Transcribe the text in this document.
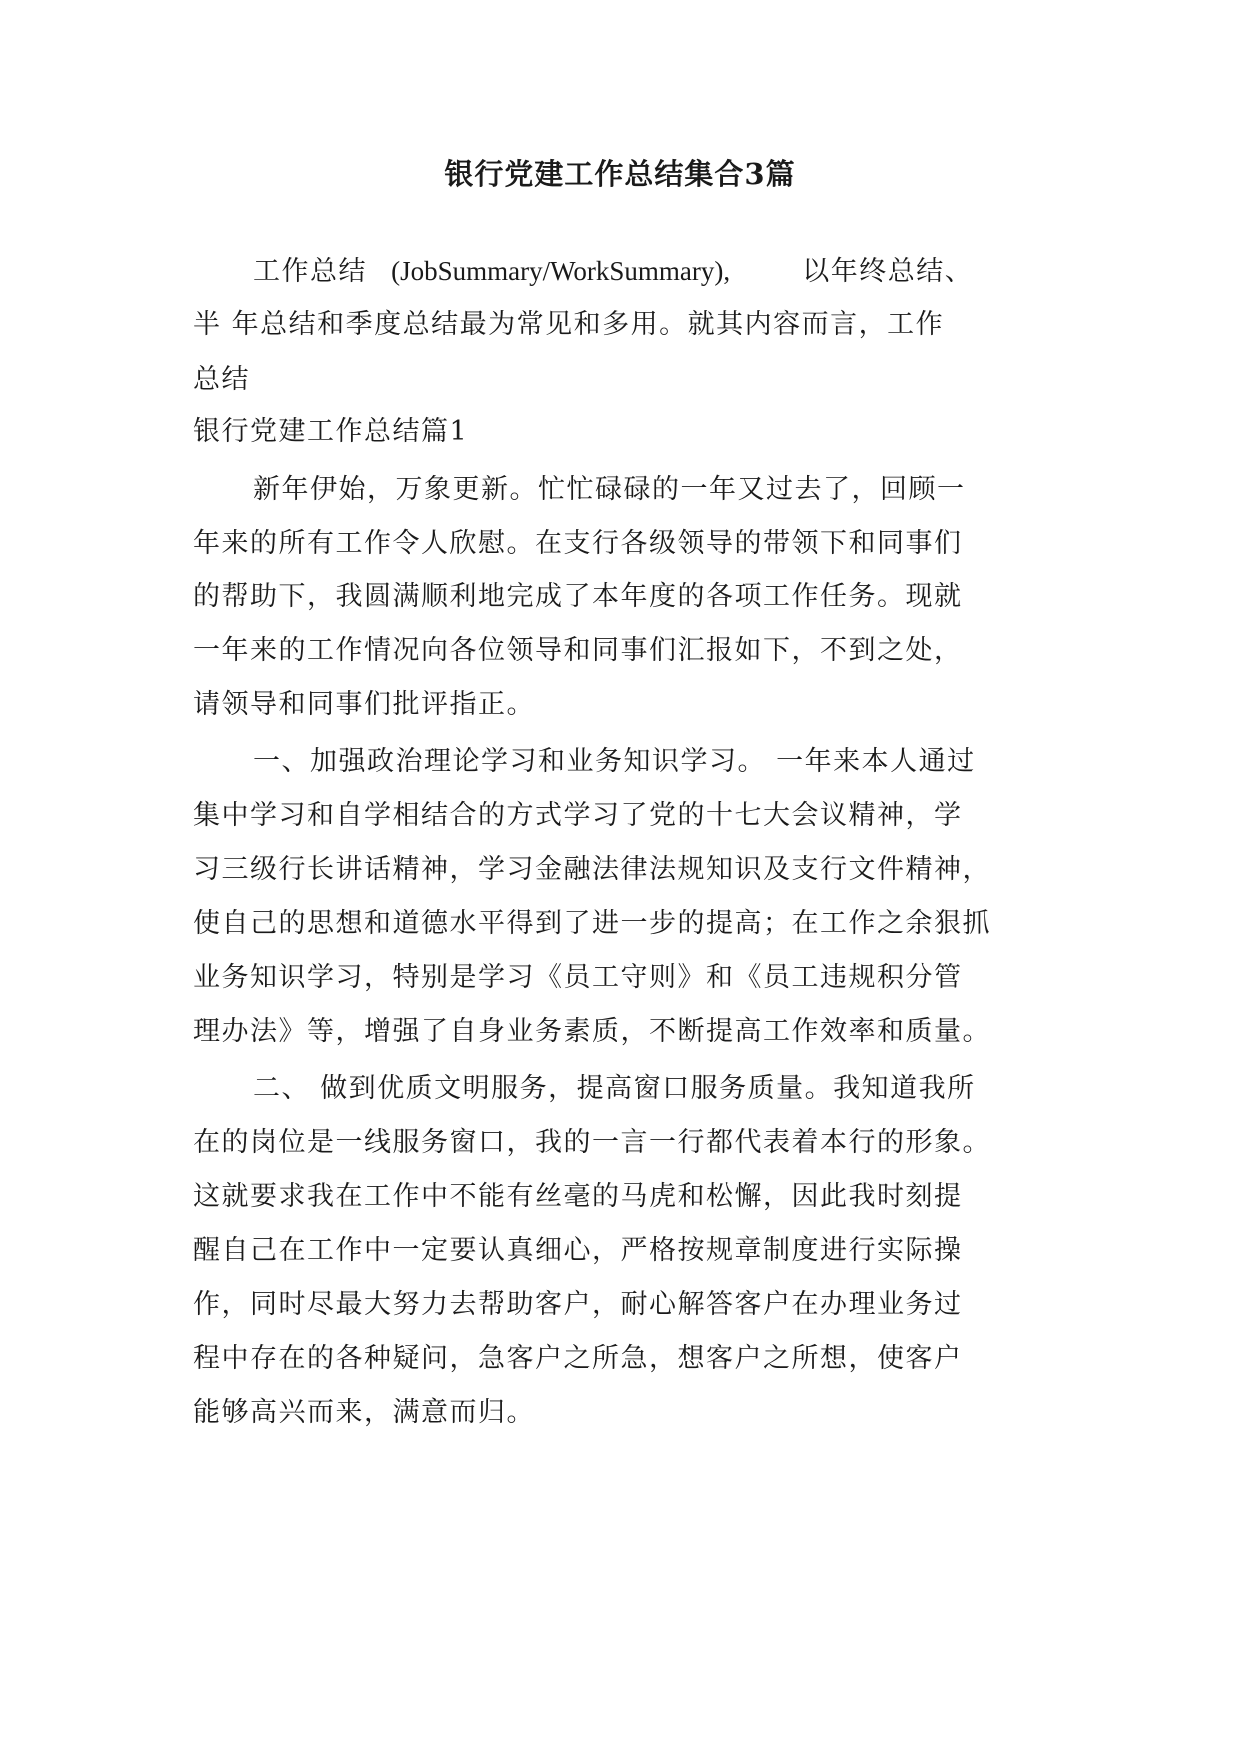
银行党建工作总结集合3篇
工作总结 (JobSummary/WorkSummary),	以年终总结、
半 年总结和季度总结最为常见和多用。就其内容而言，工作
总结
银行党建工作总结篇1
新年伊始，万象更新。忙忙碌碌的一年又过去了，回顾一
年来的所有工作令人欣慰。在支行各级领导的带领下和同事们
的帮助下，我圆满顺利地完成了本年度的各项工作任务。现就
一年来的工作情况向各位领导和同事们汇报如下，不到之处，
请领导和同事们批评指正。
一、加强政治理论学习和业务知识学习。 一年来本人通过
集中学习和自学相结合的方式学习了党的十七大会议精神，学
习三级行长讲话精神，学习金融法律法规知识及支行文件精神，
使自己的思想和道德水平得到了进一步的提高；在工作之余狠抓
业务知识学习，特别是学习《员工守则》和《员工违规积分管
理办法》等，增强了自身业务素质，不断提高工作效率和质量。
二、 做到优质文明服务，提高窗口服务质量。我知道我所
在的岗位是一线服务窗口，我的一言一行都代表着本行的形象。
这就要求我在工作中不能有丝毫的马虎和松懈，因此我时刻提
醒自己在工作中一定要认真细心，严格按规章制度进行实际操
作，同时尽最大努力去帮助客户，耐心解答客户在办理业务过
程中存在的各种疑问，急客户之所急，想客户之所想，使客户
能够高兴而来，满意而归。
